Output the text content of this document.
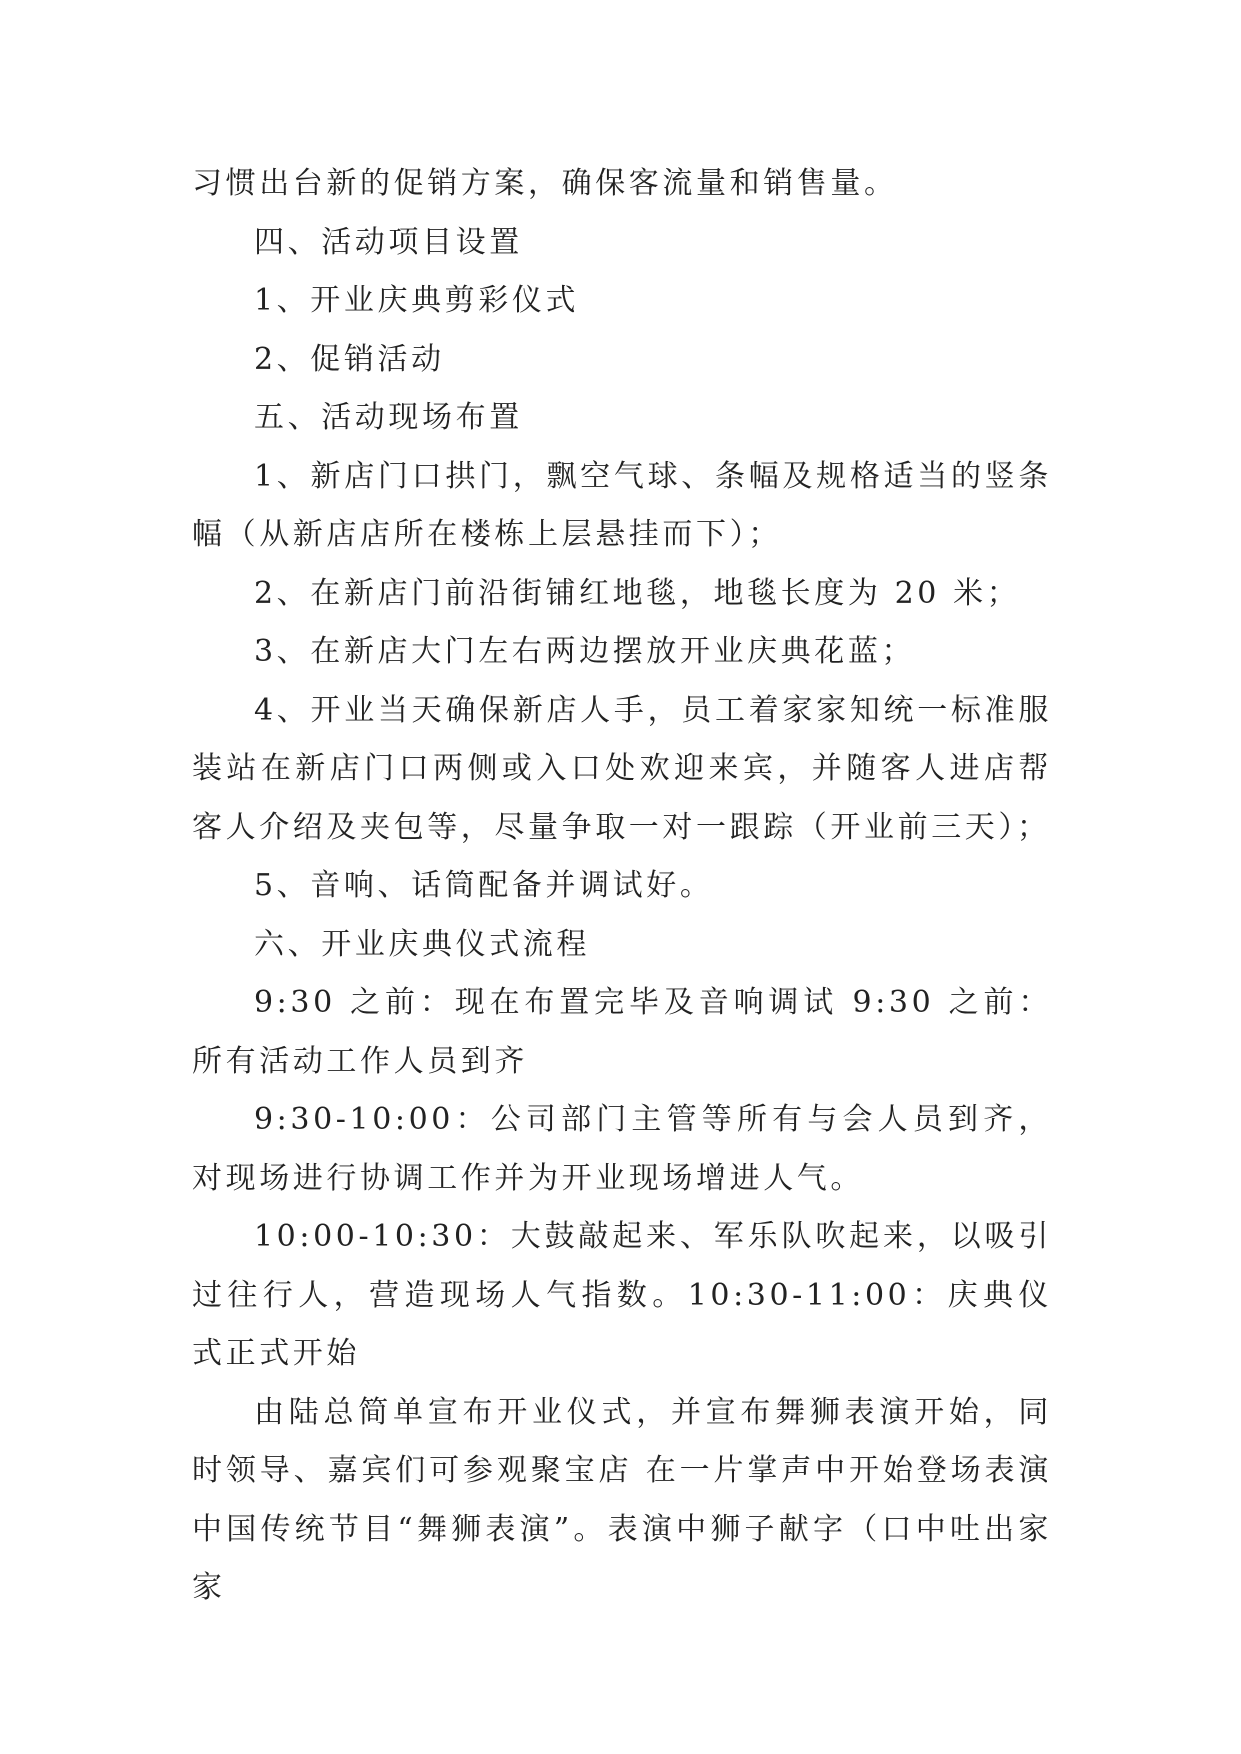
习惯出台新的促销方案，确保客流量和销售量。

四、活动项目设置

1、开业庆典剪彩仪式

2、促销活动

五、活动现场布置

1、新店门口拱门，飘空气球、条幅及规格适当的竖条幅（从新店店所在楼栋上层悬挂而下）；

2、在新店门前沿街铺红地毯，地毯长度为 20 米；

3、在新店大门左右两边摆放开业庆典花蓝；

4、开业当天确保新店人手，员工着家家知统一标准服装站在新店门口两侧或入口处欢迎来宾，并随客人进店帮客人介绍及夹包等，尽量争取一对一跟踪（开业前三天）；

5、音响、话筒配备并调试好。

六、开业庆典仪式流程

9:30 之前：现在布置完毕及音响调试 9:30 之前：所有活动工作人员到齐

9:30-10:00：公司部门主管等所有与会人员到齐，对现场进行协调工作并为开业现场增进人气。

10:00-10:30：大鼓敲起来、军乐队吹起来，以吸引过往行人，营造现场人气指数。10:30-11:00：庆典仪式正式开始

由陆总简单宣布开业仪式，并宣布舞狮表演开始，同时领导、嘉宾们可参观聚宝店 在一片掌声中开始登场表演中国传统节目“舞狮表演”。表演中狮子献字（口中吐出家家
